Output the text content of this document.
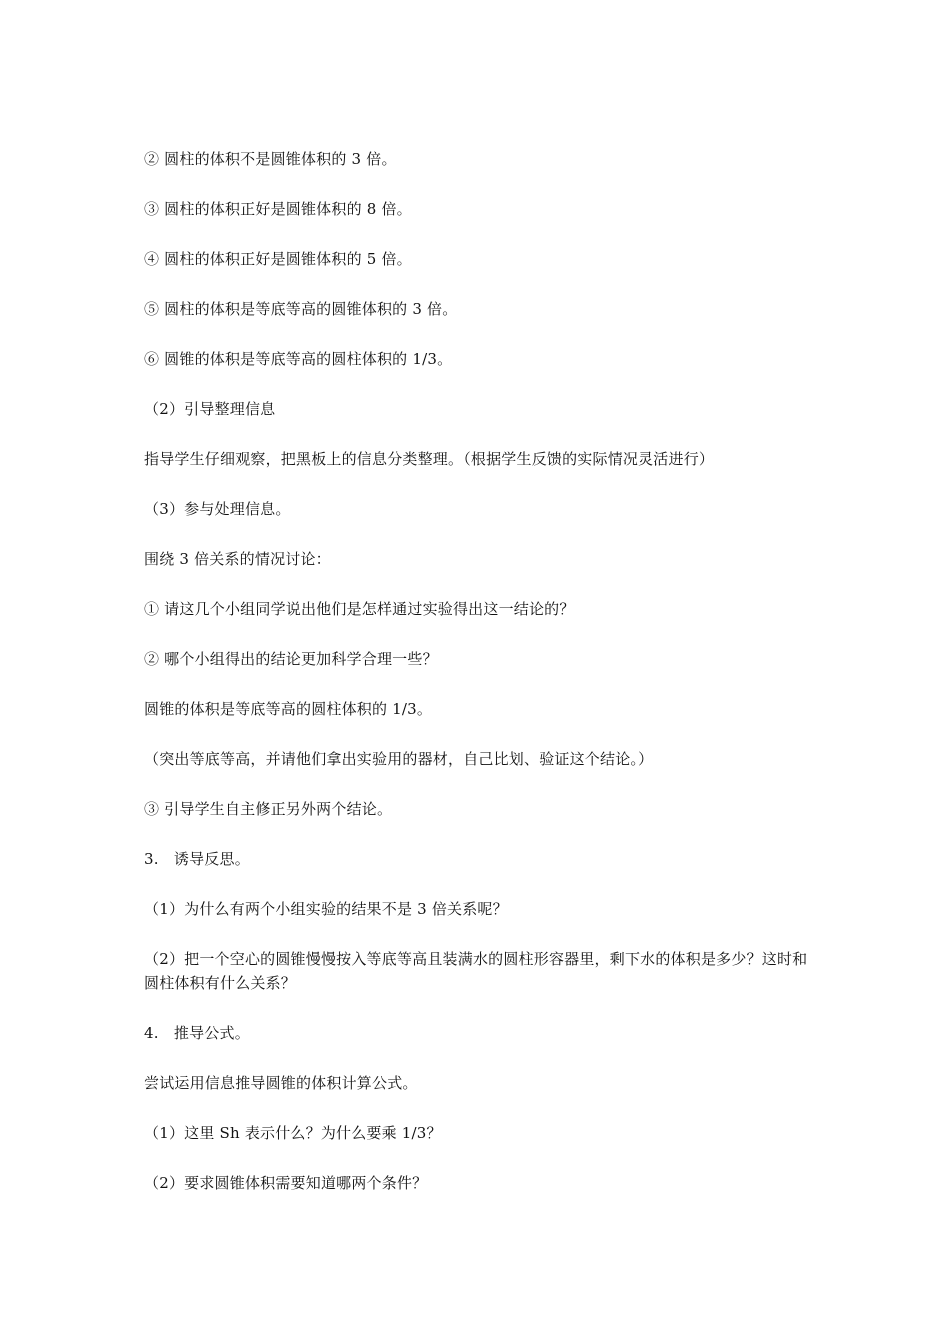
② 圆柱的体积不是圆锥体积的 3 倍。

③ 圆柱的体积正好是圆锥体积的 8 倍。

④ 圆柱的体积正好是圆锥体积的 5 倍。

⑤ 圆柱的体积是等底等高的圆锥体积的 3 倍。

⑥ 圆锥的体积是等底等高的圆柱体积的 1/3。

（2）引导整理信息

指导学生仔细观察，把黑板上的信息分类整理。（根据学生反馈的实际情况灵活进行）

（3）参与处理信息。

围绕 3 倍关系的情况讨论：

① 请这几个小组同学说出他们是怎样通过实验得出这一结论的？

② 哪个小组得出的结论更加科学合理一些？

圆锥的体积是等底等高的圆柱体积的 1/3。

（突出等底等高，并请他们拿出实验用的器材，自己比划、验证这个结论。）

③ 引导学生自主修正另外两个结论。

3.　诱导反思。

（1）为什么有两个小组实验的结果不是 3 倍关系呢？

（2）把一个空心的圆锥慢慢按入等底等高且装满水的圆柱形容器里，剩下水的体积是多少？这时和圆柱体积有什么关系？

4.　推导公式。

尝试运用信息推导圆锥的体积计算公式。

（1）这里 Sh 表示什么？为什么要乘 1/3？

（2）要求圆锥体积需要知道哪两个条件？
